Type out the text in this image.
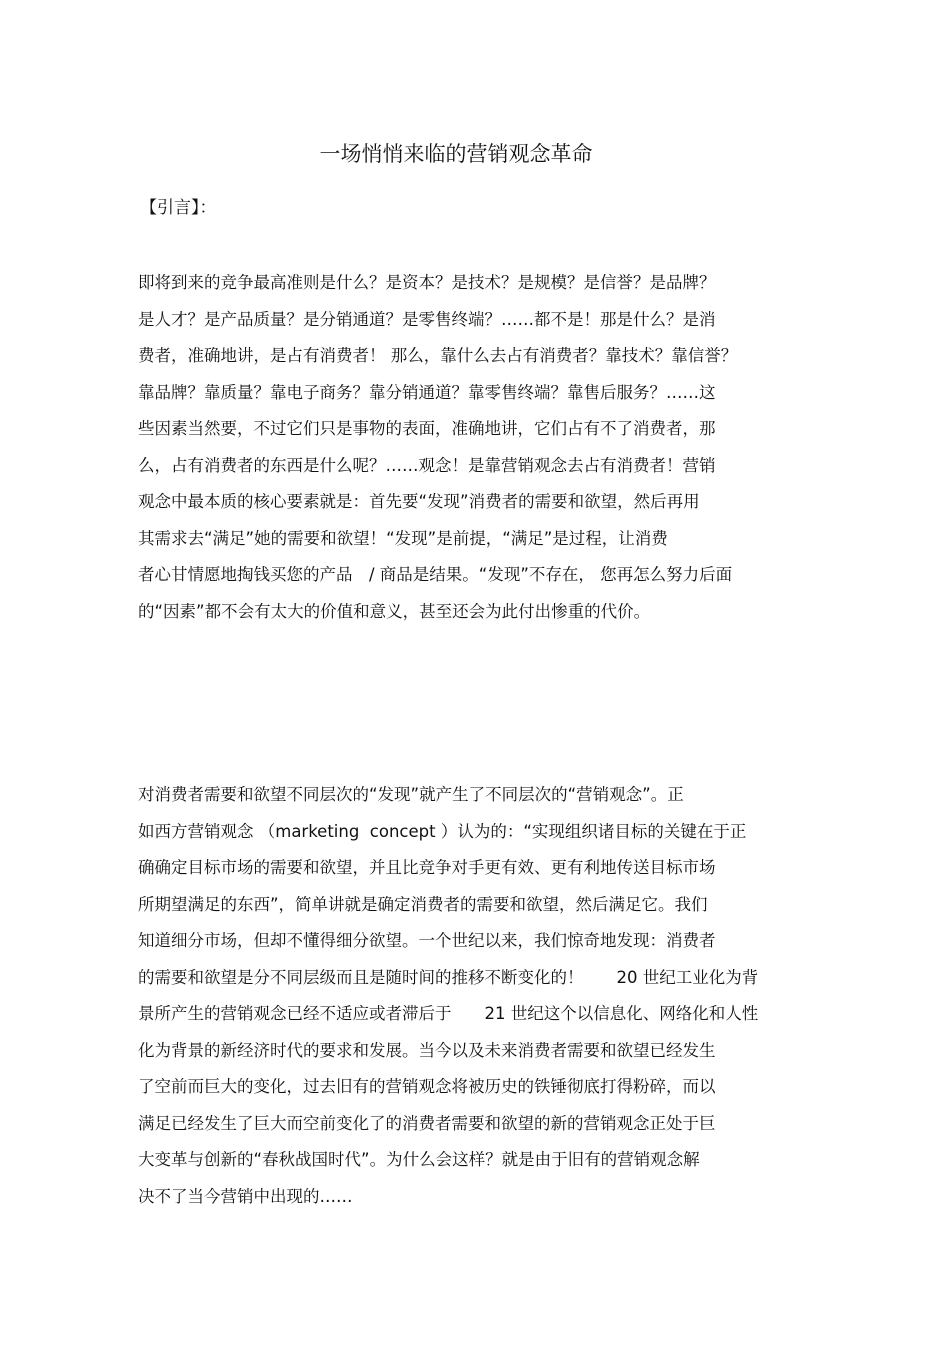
一场悄悄来临的营销观念革命
【引言】：
即将到来的竞争最高准则是什么？是资本？是技术？是规模？是信誉？是品牌？
是人才？是产品质量？是分销通道？是零售终端？……都不是！那是什么？是消
费者，准确地讲，是占有消费者！ 那么，靠什么去占有消费者？靠技术？靠信誉？
靠品牌？靠质量？靠电子商务？靠分销通道？靠零售终端？靠售后服务？……这
些因素当然要，不过它们只是事物的表面，准确地讲，它们占有不了消费者，那
么，占有消费者的东西是什么呢？……观念！是靠营销观念去占有消费者！营销
观念中最本质的核心要素就是：首先要“发现”消费者的需要和欲望，然后再用
其需求去“满足”她的需要和欲望！“发现”是前提，“满足”是过程，让消费
者心甘情愿地掏钱买您的产品　/ 商品是结果。“发现”不存在， 您再怎么努力后面
的“因素”都不会有太大的价值和意义，甚至还会为此付出惨重的代价。
对消费者需要和欲望不同层次的“发现”就产生了不同层次的“营销观念”。正
如西方营销观念 （marketing  concept ）认为的：“实现组织诸目标的关键在于正
确确定目标市场的需要和欲望，并且比竞争对手更有效、更有利地传送目标市场
所期望满足的东西”，简单讲就是确定消费者的需要和欲望，然后满足它。我们
知道细分市场，但却不懂得细分欲望。一个世纪以来，我们惊奇地发现：消费者
的需要和欲望是分不同层级而且是随时间的推移不断变化的！　　20 世纪工业化为背
景所产生的营销观念已经不适应或者滞后于　　21 世纪这个以信息化、网络化和人性
化为背景的新经济时代的要求和发展。当今以及未来消费者需要和欲望已经发生
了空前而巨大的变化，过去旧有的营销观念将被历史的铁锤彻底打得粉碎，而以
满足已经发生了巨大而空前变化了的消费者需要和欲望的新的营销观念正处于巨
大变革与创新的“春秋战国时代”。为什么会这样？就是由于旧有的营销观念解
决不了当今营销中出现的……
